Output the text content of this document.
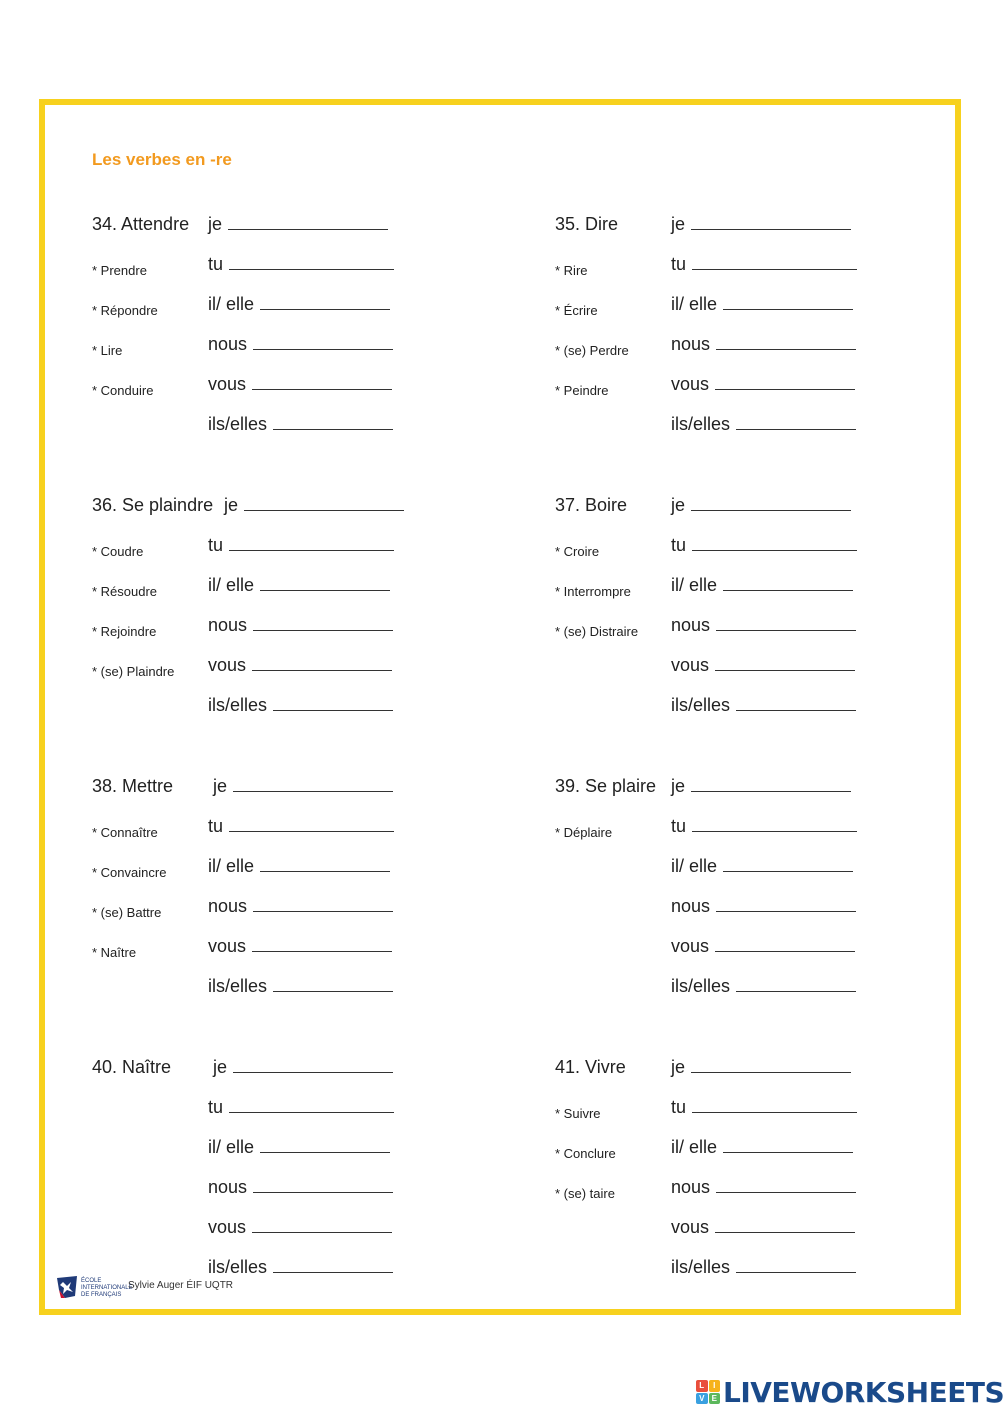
Les verbes en -re
34. Attendre
* Prendre
* Répondre
* Lire
* Conduire
je
tu
il/ elle
nous
vous
ils/elles
35. Dire
* Rire
* Écrire
* (se) Perdre
* Peindre
je
tu
il/ elle
nous
vous
ils/elles
36. Se plaindre
* Coudre
* Résoudre
* Rejoindre
* (se) Plaindre
je
tu
il/ elle
nous
vous
ils/elles
37. Boire
* Croire
* Interrompre
* (se) Distraire
je
tu
il/ elle
nous
vous
ils/elles
38. Mettre
* Connaître
* Convaincre
* (se) Battre
* Naître
je
tu
il/ elle
nous
vous
ils/elles
39. Se plaire
* Déplaire
je
tu
il/ elle
nous
vous
ils/elles
40. Naître je
tu
il/ elle
nous
vous
ils/elles
41. Vivre
* Suivre
* Conclure
* (se) taire
je
tu
il/ elle
nous
vous
ils/elles
ÉCOLE
INTERNATIONALE
DE FRANÇAIS
Sylvie Auger ÉIF UQTR
L	I
V E LIVEWORKSHEETS
